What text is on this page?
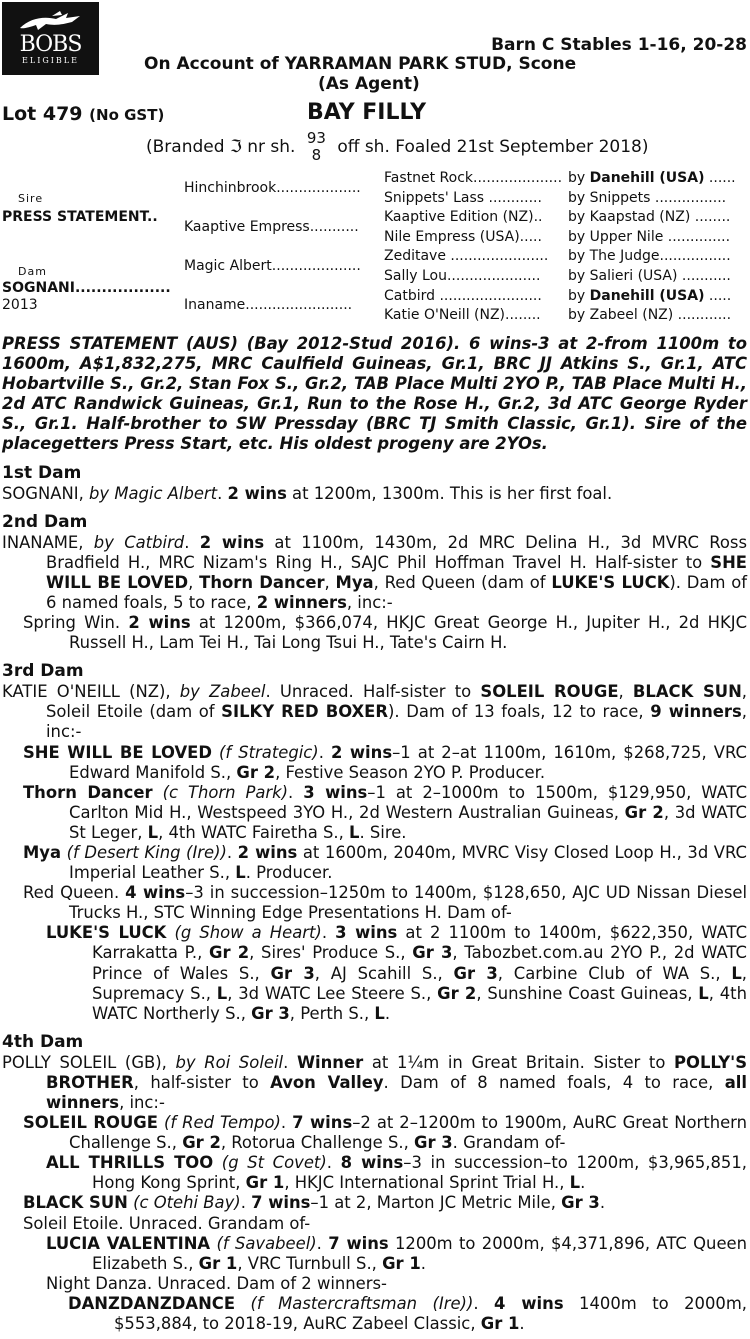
BOBS
ELIGIBLE
Barn C Stables 1-16, 20-28
On Account of YARRAMAN PARK STUD, Scone
(As Agent)
Lot 479 (No GST)	BAY FILLY
(Branded ℑ nr sh. 93
8 off sh. Foaled 21st September 2018)
Sire
PRESS STATEMENT..
Dam
SOGNANI..................
2013
Hinchinbrook...................
Kaaptive Empress...........
Magic Albert....................
Inaname........................
Fastnet Rock.................... by Danehill (USA) ......
Snippets' Lass ............ by Snippets ................
Kaaptive Edition (NZ).. by Kaapstad (NZ) ........
Nile Empress (USA)..... by Upper Nile ..............
Zeditave ...................... by The Judge................
Sally Lou..................... by Salieri (USA) ...........
Catbird ....................... by Danehill (USA) .....
Katie O'Neill (NZ)........ by Zabeel (NZ) ............

PRESS STATEMENT (AUS) (Bay 2012-Stud 2016). 6 wins-3 at 2-from 1100m to 1600m, A$1,832,275, MRC Caulfield Guineas, Gr.1, BRC JJ Atkins S., Gr.1, ATC Hobartville S., Gr.2, Stan Fox S., Gr.2, TAB Place Multi 2YO P., TAB Place Multi H., 2d ATC Randwick Guineas, Gr.1, Run to the Rose H., Gr.2, 3d ATC George Ryder S., Gr.1. Half-brother to SW Pressday (BRC TJ Smith Classic, Gr.1). Sire of the placegetters Press Start, etc. His oldest progeny are 2YOs.

1st Dam

SOGNANI, by Magic Albert. 2 wins at 1200m, 1300m. This is her first foal.

2nd Dam

INANAME, by Catbird. 2 wins at 1100m, 1430m, 2d MRC Delina H., 3d MVRC Ross Bradfield H., MRC Nizam's Ring H., SAJC Phil Hoffman Travel H. Half-sister to SHE WILL BE LOVED, Thorn Dancer, Mya, Red Queen (dam of LUKE'S LUCK). Dam of 6 named foals, 5 to race, 2 winners, inc:-

Spring Win. 2 wins at 1200m, $366,074, HKJC Great George H., Jupiter H., 2d HKJC Russell H., Lam Tei H., Tai Long Tsui H., Tate's Cairn H.

3rd Dam

KATIE O'NEILL (NZ), by Zabeel. Unraced. Half-sister to SOLEIL ROUGE, BLACK SUN, Soleil Etoile (dam of SILKY RED BOXER). Dam of 13 foals, 12 to race, 9 winners, inc:-

SHE WILL BE LOVED (f Strategic). 2 wins–1 at 2–at 1100m, 1610m, $268,725, VRC Edward Manifold S., Gr 2, Festive Season 2YO P. Producer.

Thorn Dancer (c Thorn Park). 3 wins–1 at 2–1000m to 1500m, $129,950, WATC Carlton Mid H., Westspeed 3YO H., 2d Western Australian Guineas, Gr 2, 3d WATC St Leger, L, 4th WATC Fairetha S., L. Sire.

Mya (f Desert King (Ire)). 2 wins at 1600m, 2040m, MVRC Visy Closed Loop H., 3d VRC Imperial Leather S., L. Producer.

Red Queen. 4 wins–3 in succession–1250m to 1400m, $128,650, AJC UD Nissan Diesel Trucks H., STC Winning Edge Presentations H. Dam of-

LUKE'S LUCK (g Show a Heart). 3 wins at 2 1100m to 1400m, $622,350, WATC Karrakatta P., Gr 2, Sires' Produce S., Gr 3, Tabozbet.com.au 2YO P., 2d WATC Prince of Wales S., Gr 3, AJ Scahill S., Gr 3, Carbine Club of WA S., L, Supremacy S., L, 3d WATC Lee Steere S., Gr 2, Sunshine Coast Guineas, L, 4th WATC Northerly S., Gr 3, Perth S., L.

4th Dam

POLLY SOLEIL (GB), by Roi Soleil. Winner at 1¼m in Great Britain. Sister to POLLY'S BROTHER, half-sister to Avon Valley. Dam of 8 named foals, 4 to race, all winners, inc:-

SOLEIL ROUGE (f Red Tempo). 7 wins–2 at 2–1200m to 1900m, AuRC Great Northern Challenge S., Gr 2, Rotorua Challenge S., Gr 3. Grandam of-

ALL THRILLS TOO (g St Covet). 8 wins–3 in succession–to 1200m, $3,965,851, Hong Kong Sprint, Gr 1, HKJC International Sprint Trial H., L.

BLACK SUN (c Otehi Bay). 7 wins–1 at 2, Marton JC Metric Mile, Gr 3.

Soleil Etoile. Unraced. Grandam of-

LUCIA VALENTINA (f Savabeel). 7 wins 1200m to 2000m, $4,371,896, ATC Queen Elizabeth S., Gr 1, VRC Turnbull S., Gr 1.

Night Danza. Unraced. Dam of 2 winners-

DANZDANZDANCE (f Mastercraftsman (Ire)). 4 wins 1400m to 2000m, $553,884, to 2018-19, AuRC Zabeel Classic, Gr 1.
